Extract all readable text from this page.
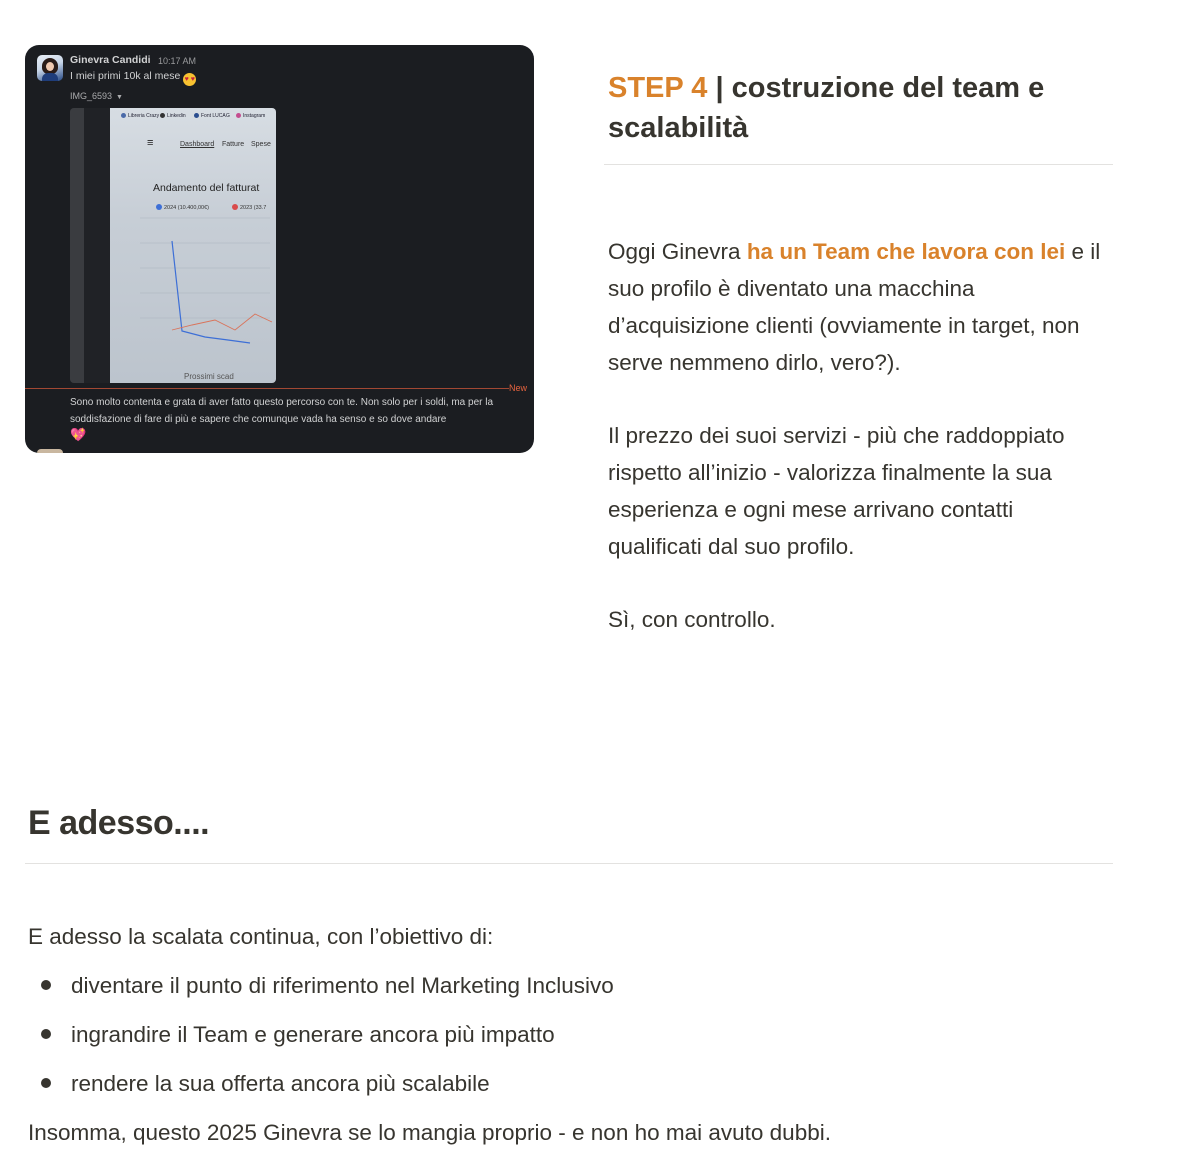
Ginevra Candidi 10:17 AM
I miei primi 10k al mese ♥ ♥
IMG_6593 ▼
Libreria Crazy	Linkedin	Font LUCA G	Instagram
≡	Dashboard Fatture Spese
Andamento del fatturat
2024 (10.400,00€)	2023 (33.7
Prossimi scad
New
Sono molto contenta e grata di aver fatto questo percorso con te. Non solo per i soldi, ma per la soddisfazione di fare di più e sapere che comunque vada ha senso e so dove andare
💖
STEP 4 | costruzione del team e scalabilità

Oggi Ginevra ha un Team che lavora con lei e il suo profilo è diventato una macchina d’acquisizione clienti (ovviamente in target, non serve nemmeno dirlo, vero?).

Il prezzo dei suoi servizi - più che raddoppiato rispetto all’inizio - valorizza finalmente la sua esperienza e ogni mese arrivano contatti qualificati dal suo profilo.

Sì, con controllo.

E adesso....

E adesso la scalata continua, con l’obiettivo di:

diventare il punto di riferimento nel Marketing Inclusivo
ingrandire il Team e generare ancora più impatto
rendere la sua offerta ancora più scalabile

Insomma, questo 2025 Ginevra se lo mangia proprio - e non ho mai avuto dubbi.
